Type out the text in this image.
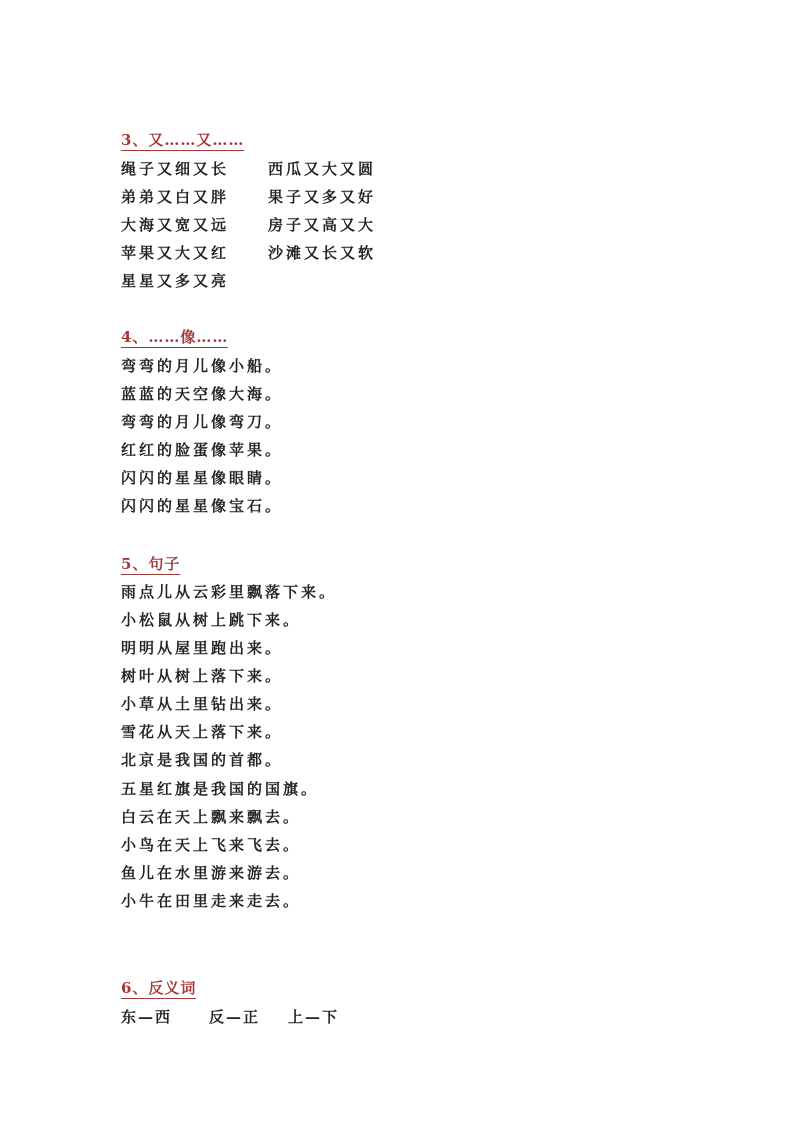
3、又……又……
绳子又细又长
弟弟又白又胖
大海又宽又远
苹果又大又红
星星又多又亮
西瓜又大又圆
果子又多又好
房子又高又大
沙滩又长又软
4、……像……
弯弯的月儿像小船。
蓝蓝的天空像大海。
弯弯的月儿像弯刀。
红红的脸蛋像苹果。
闪闪的星星像眼睛。
闪闪的星星像宝石。
5、句子
雨点儿从云彩里飘落下来。
小松鼠从树上跳下来。
明明从屋里跑出来。
树叶从树上落下来。
小草从土里钻出来。
雪花从天上落下来。
北京是我国的首都。
五星红旗是我国的国旗。
白云在天上飘来飘去。
小鸟在天上飞来飞去。
鱼儿在水里游来游去。
小牛在田里走来走去。
6、反义词
东—西 反—正 上—下
